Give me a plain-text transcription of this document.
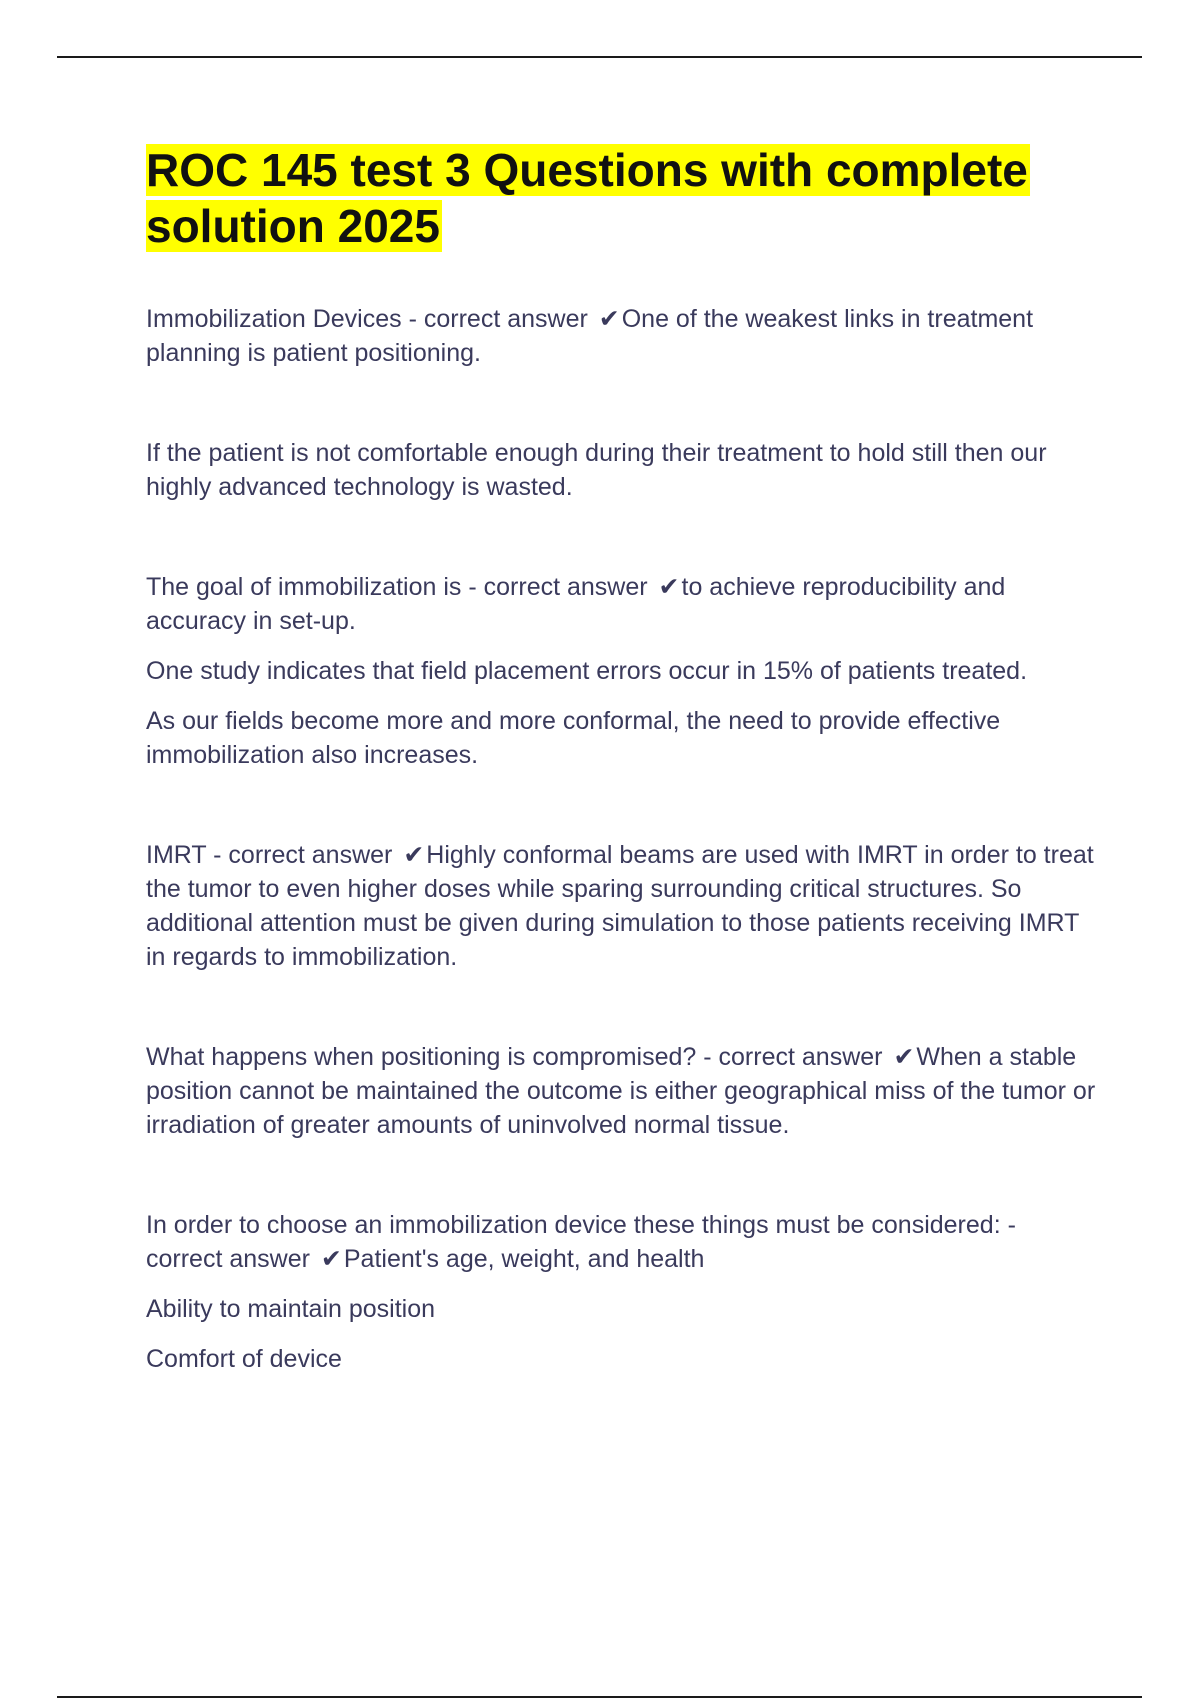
ROC 145 test 3 Questions with complete solution 2025

Immobilization Devices - correct answer ✔One of the weakest links in treatment planning is patient positioning.

If the patient is not comfortable enough during their treatment to hold still then our highly advanced technology is wasted.

The goal of immobilization is - correct answer ✔to achieve reproducibility and accuracy in set-up.

One study indicates that field placement errors occur in 15% of patients treated.

As our fields become more and more conformal, the need to provide effective immobilization also increases.

IMRT - correct answer ✔Highly conformal beams are used with IMRT in order to treat the tumor to even higher doses while sparing surrounding critical structures. So additional attention must be given during simulation to those patients receiving IMRT in regards to immobilization.

What happens when positioning is compromised? - correct answer ✔When a stable position cannot be maintained the outcome is either geographical miss of the tumor or irradiation of greater amounts of uninvolved normal tissue.

In order to choose an immobilization device these things must be considered: - correct answer ✔Patient's age, weight, and health

Ability to maintain position

Comfort of device
